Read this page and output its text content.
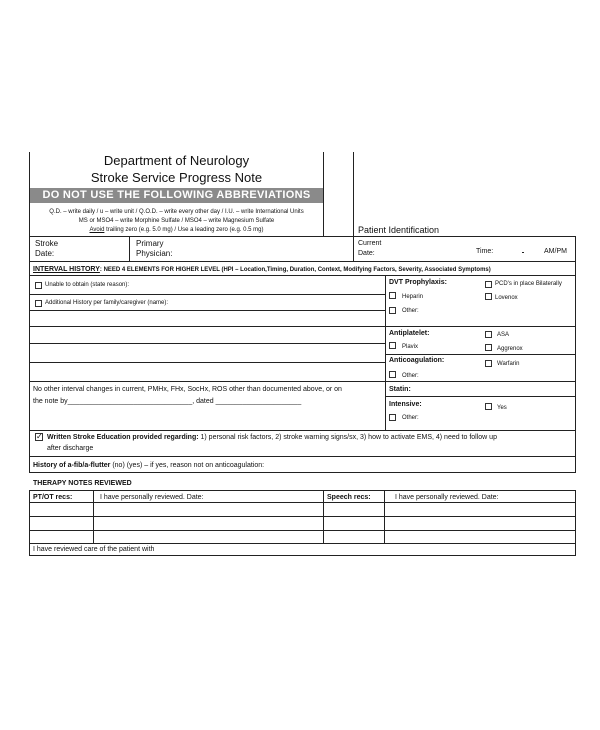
Department of Neurology
Stroke Service Progress Note
DO NOT USE THE FOLLOWING ABBREVIATIONS
Q.D. – write daily / u – write unit / Q.O.D. – write every other day / I.U. – write International Units
MS or MSO4 – write Morphine Sulfate / MSO4 – write Magnesium Sulfate
Avoid trailing zero (e.g. 5.0 mg) / Use a leading zero (e.g. 0.5 mg)	Patient Identification
Stroke
Date:
Primary
Physician:
Current
Date:	Time:	AM/PM
INTERVAL HISTORY: NEED 4 ELEMENTS FOR HIGHER LEVEL (HPI – Location,Timing, Duration, Context, Modifying Factors, Severity, Associated Symptoms)
Unable to obtain (state reason):
Additional History per family/caregiver (name):
No other interval changes in current, PMHx, FHx, SocHx, ROS other than documented above, or on
the note by________________________________, dated ______________________
DVT Prophylaxis:	PCD's in place Bilaterally
Heparin	Lovenox
Other:
Antiplatelet:	ASA
Plavix	Aggrenox
Anticoagulation:	Warfarin
Other:
Statin:
Intensive:	Yes
Other:
✓ Written Stroke Education provided regarding: 1) personal risk factors, 2) stroke warning signs/sx, 3) how to activate EMS, 4) need to follow up
after discharge
History of a-fib/a-flutter (no) (yes) – if yes, reason not on anticoagulation:
THERAPY NOTES REVIEWED
PT/OT recs:	I have personally reviewed. Date:	Speech recs:	I have personally reviewed. Date:
I have reviewed care of the patient with
